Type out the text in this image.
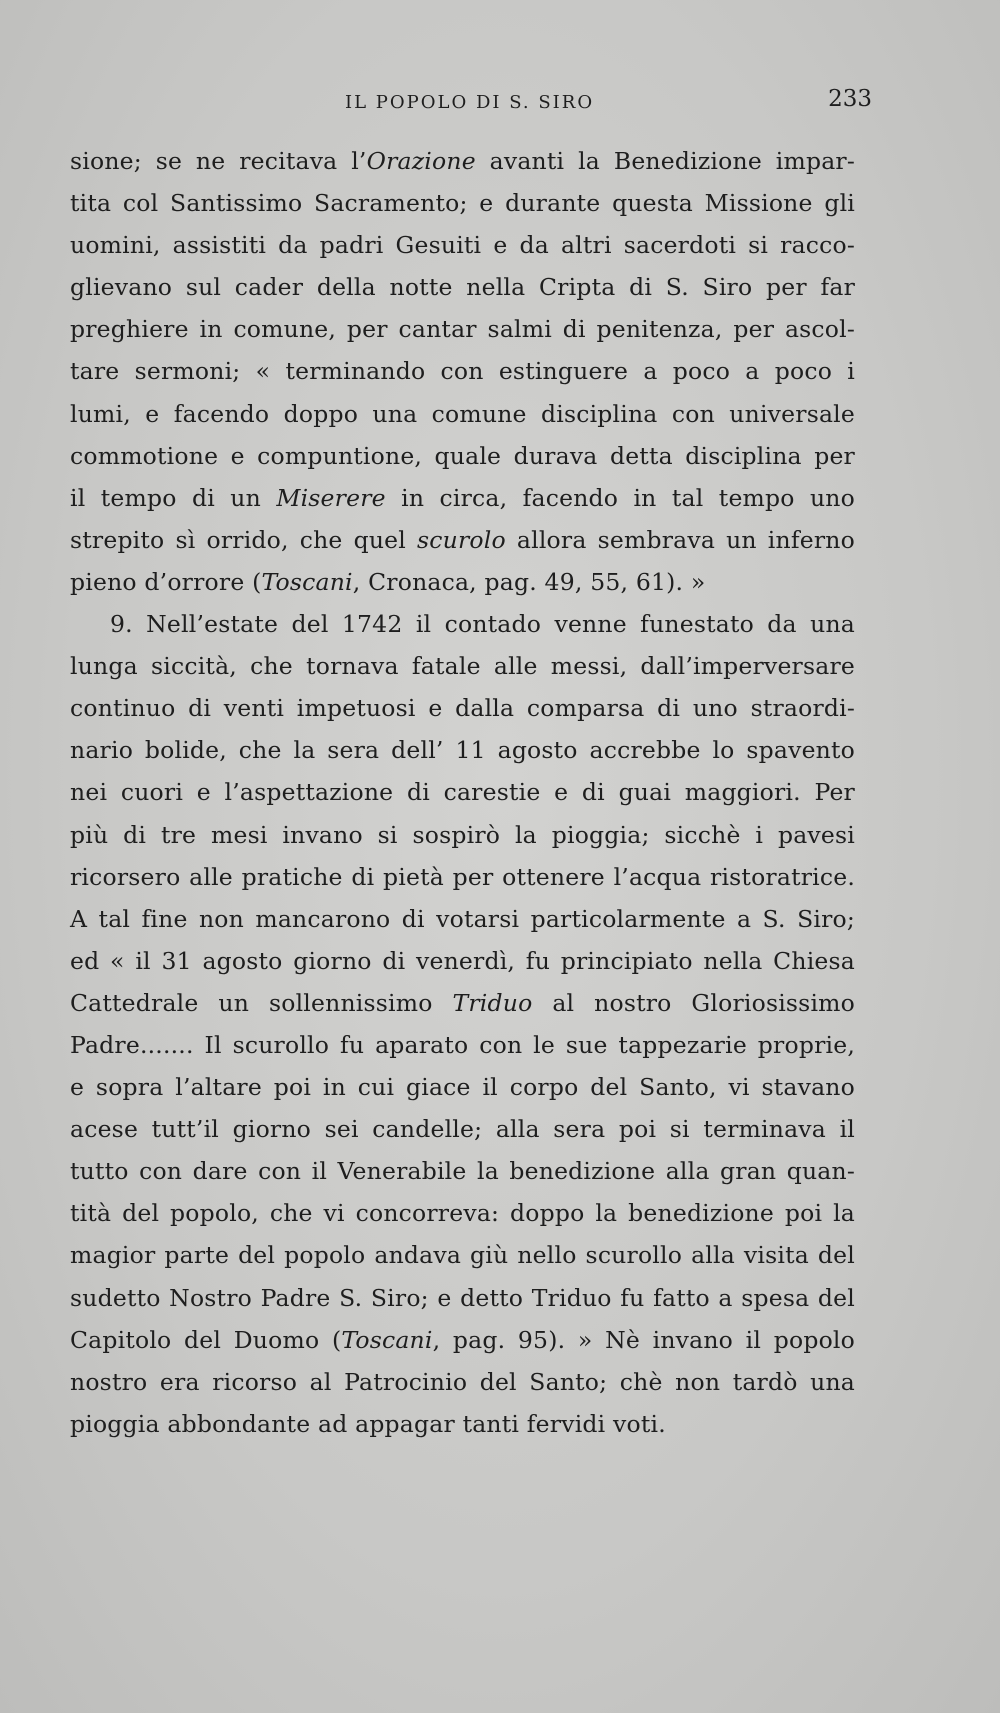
IL POPOLO DI S. SIRO	233
sione; se ne recitava l’Orazione avanti la Benedizione impar-
tita col Santissimo Sacramento; e durante questa Missione gli
uomini, assistiti da padri Gesuiti e da altri sacerdoti si racco-
glievano sul cader della notte nella Cripta di S. Siro per far
preghiere in comune, per cantar salmi di penitenza, per ascol-
tare sermoni; « terminando con estinguere a poco a poco i
lumi, e facendo doppo una comune disciplina con universale
commotione e compuntione, quale durava detta disciplina per
il tempo di un Miserere in circa, facendo in tal tempo uno
strepito sì orrido, che quel scurolo allora sembrava un inferno
pieno d’orrore (Toscani, Cronaca, pag. 49, 55, 61). »
9. Nell’estate del 1742 il contado venne funestato da una
lunga siccità, che tornava fatale alle messi, dall’imperversare
continuo di venti impetuosi e dalla comparsa di uno straordi-
nario bolide, che la sera dell’ 11 agosto accrebbe lo spavento
nei cuori e l’aspettazione di carestie e di guai maggiori. Per
più di tre mesi invano si sospirò la pioggia; sicchè i pavesi
ricorsero alle pratiche di pietà per ottenere l’acqua ristoratrice.
A tal fine non mancarono di votarsi particolarmente a S. Siro;
ed « il 31 agosto giorno di venerdì, fu principiato nella Chiesa
Cattedrale un sollennissimo Triduo al nostro Gloriosissimo
Padre....... Il scurollo fu aparato con le sue tappezarie proprie,
e sopra l’altare poi in cui giace il corpo del Santo, vi stavano
acese tutt’il giorno sei candelle; alla sera poi si terminava il
tutto con dare con il Venerabile la benedizione alla gran quan-
tità del popolo, che vi concorreva: doppo la benedizione poi la
magior parte del popolo andava giù nello scurollo alla visita del
sudetto Nostro Padre S. Siro; e detto Triduo fu fatto a spesa del
Capitolo del Duomo (Toscani, pag. 95). » Nè invano il popolo
nostro era ricorso al Patrocinio del Santo; chè non tardò una
pioggia abbondante ad appagar tanti fervidi voti.
